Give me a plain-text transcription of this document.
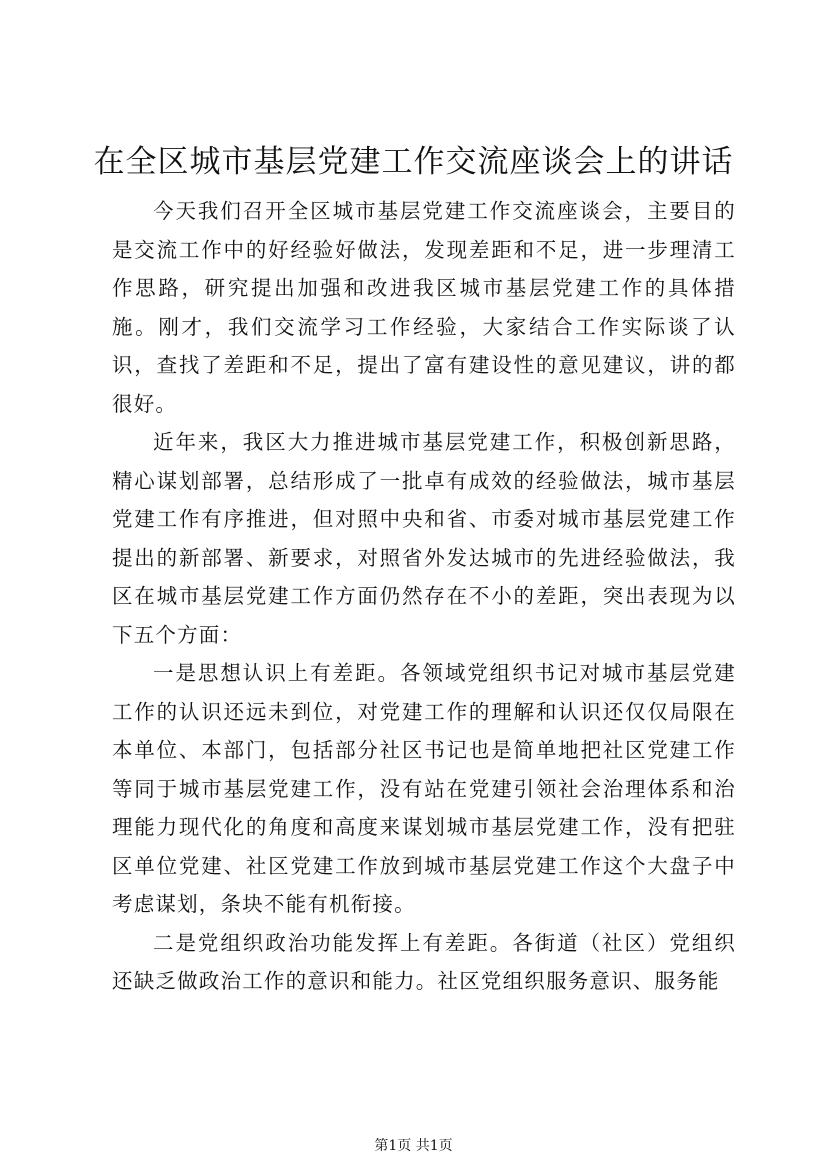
在全区城市基层党建工作交流座谈会上的讲话

今天我们召开全区城市基层党建工作交流座谈会，主要目的是交流工作中的好经验好做法，发现差距和不足，进一步理清工作思路，研究提出加强和改进我区城市基层党建工作的具体措施。刚才，我们交流学习工作经验，大家结合工作实际谈了认识，查找了差距和不足，提出了富有建设性的意见建议，讲的都很好。

近年来，我区大力推进城市基层党建工作，积极创新思路，精心谋划部署，总结形成了一批卓有成效的经验做法，城市基层党建工作有序推进，但对照中央和省、市委对城市基层党建工作提出的新部署、新要求，对照省外发达城市的先进经验做法，我区在城市基层党建工作方面仍然存在不小的差距，突出表现为以下五个方面：

一是思想认识上有差距。各领域党组织书记对城市基层党建工作的认识还远未到位，对党建工作的理解和认识还仅仅局限在本单位、本部门，包括部分社区书记也是简单地把社区党建工作等同于城市基层党建工作，没有站在党建引领社会治理体系和治理能力现代化的角度和高度来谋划城市基层党建工作，没有把驻区单位党建、社区党建工作放到城市基层党建工作这个大盘子中考虑谋划，条块不能有机衔接。

二是党组织政治功能发挥上有差距。各街道（社区）党组织还缺乏做政治工作的意识和能力。社区党组织服务意识、服务能

第1页 共1页
